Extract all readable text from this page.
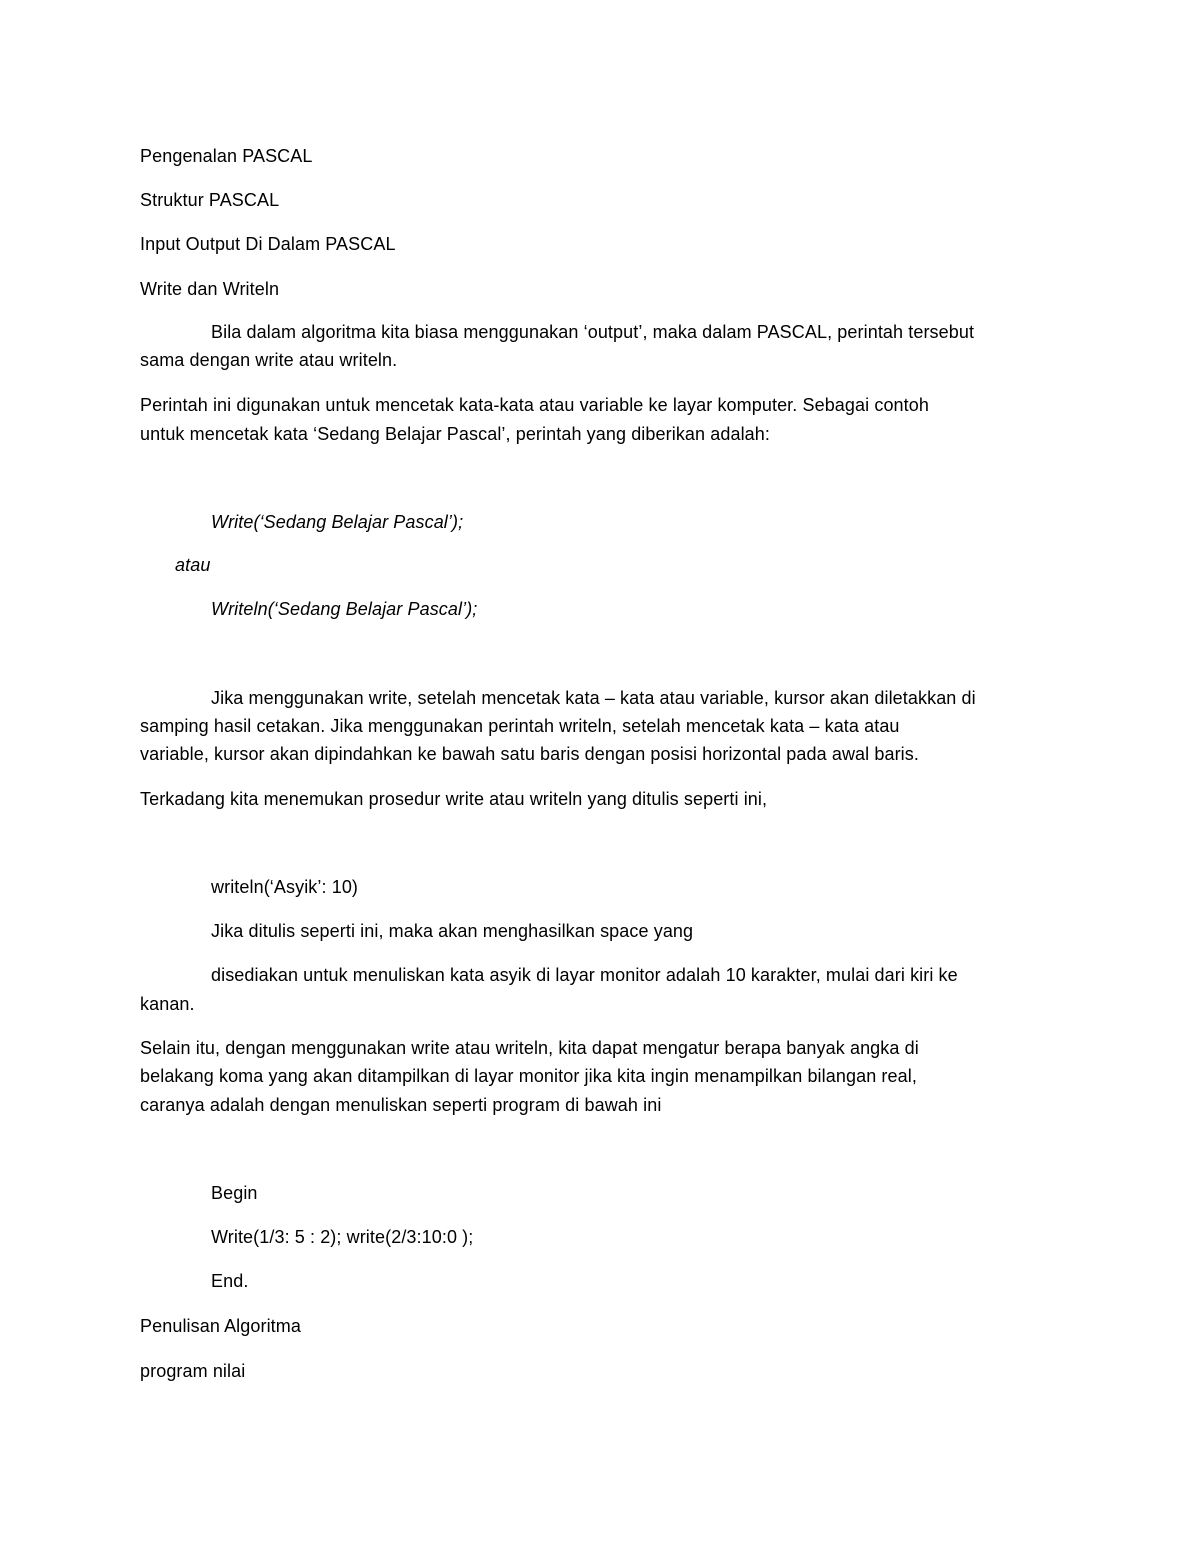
Pengenalan PASCAL

Struktur PASCAL

Input Output Di Dalam PASCAL

Write dan Writeln

Bila dalam algoritma kita biasa menggunakan ‘output’, maka dalam PASCAL, perintah tersebut

sama dengan write atau writeln.

Perintah ini digunakan untuk mencetak kata-kata atau variable ke layar komputer. Sebagai contoh

untuk mencetak kata ‘Sedang Belajar Pascal’, perintah yang diberikan adalah:

Write(‘Sedang Belajar Pascal’);

atau

Writeln(‘Sedang Belajar Pascal’);

Jika menggunakan write, setelah mencetak kata – kata atau variable, kursor akan diletakkan di

samping hasil cetakan. Jika menggunakan perintah writeln, setelah mencetak kata – kata atau

variable, kursor akan dipindahkan ke bawah satu baris dengan posisi horizontal pada awal baris.

Terkadang kita menemukan prosedur write atau writeln yang ditulis seperti ini,

writeln(‘Asyik’: 10)

Jika ditulis seperti ini, maka akan menghasilkan space yang

disediakan untuk menuliskan kata asyik di layar monitor adalah 10 karakter, mulai dari kiri ke

kanan.

Selain itu, dengan menggunakan write atau writeln, kita dapat mengatur berapa banyak angka di

belakang koma yang akan ditampilkan di layar monitor jika kita ingin menampilkan bilangan real,

caranya adalah dengan menuliskan seperti program di bawah ini

Begin

Write(1/3: 5 : 2); write(2/3:10:0 );

End.

Penulisan Algoritma

program nilai
